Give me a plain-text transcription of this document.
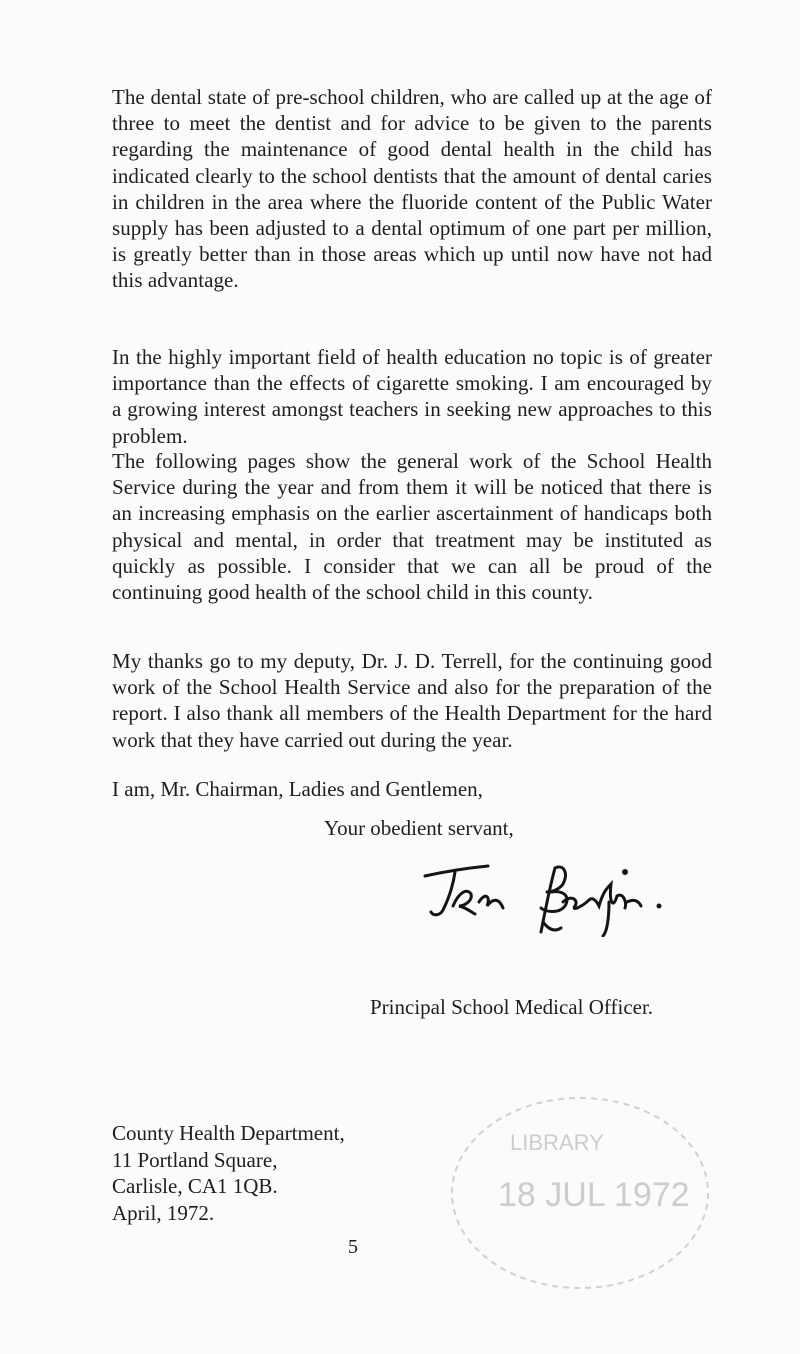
The dental state of pre-school children, who are called up at the age of three to meet the dentist and for advice to be given to the parents regarding the maintenance of good dental health in the child has indicated clearly to the school dentists that the amount of dental caries in children in the area where the fluoride content of the Public Water supply has been adjusted to a dental optimum of one part per million, is greatly better than in those areas which up until now have not had this advantage.

In the highly important field of health education no topic is of greater importance than the effects of cigarette smoking. I am encouraged by a growing interest amongst teachers in seeking new approaches to this problem.

The following pages show the general work of the School Health Service during the year and from them it will be noticed that there is an increasing emphasis on the earlier ascertainment of handicaps both physical and mental, in order that treatment may be instituted as quickly as possible. I consider that we can all be proud of the continuing good health of the school child in this county.

My thanks go to my deputy, Dr. J. D. Terrell, for the continuing good work of the School Health Service and also for the preparation of the report. I also thank all members of the Health Department for the hard work that they have carried out during the year.

I am, Mr. Chairman, Ladies and Gentlemen,

Your obedient servant,

Principal School Medical Officer.

County Health Department,
11 Portland Square,
Carlisle, CA1 1QB.
April, 1972.
LIBRARY
18 JUL 1972
5
